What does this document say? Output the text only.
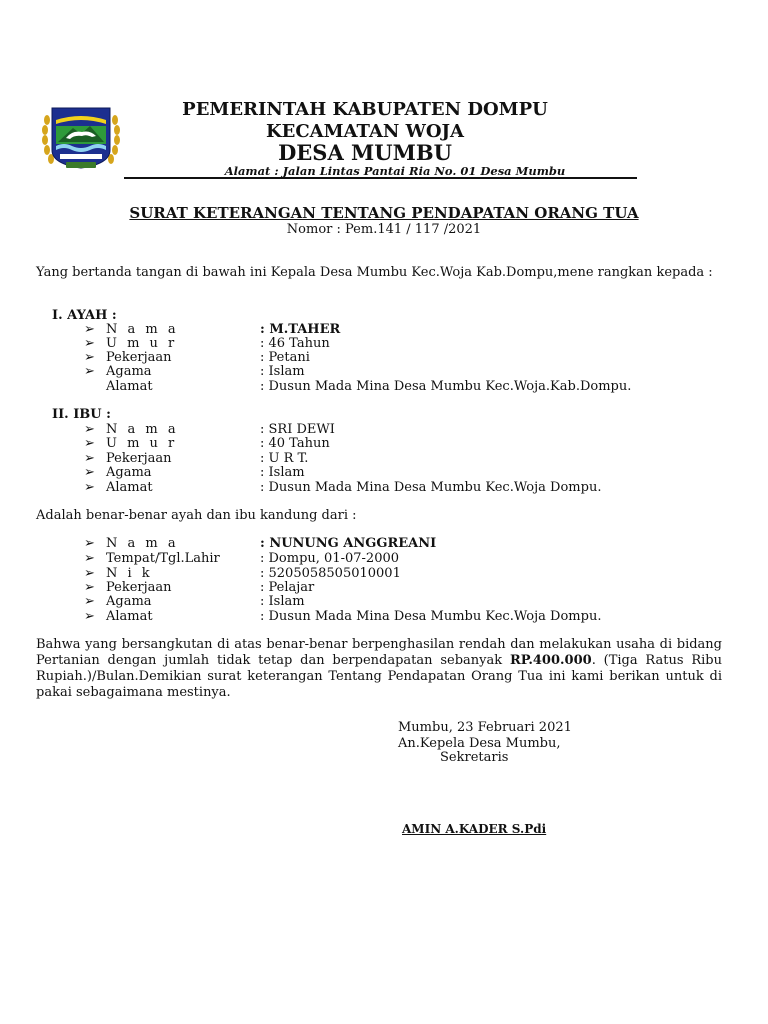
PEMERINTAH KABUPATEN DOMPU
KECAMATAN WOJA
DESA MUMBU
Alamat : Jalan Lintas Pantai Ria No. 01 Desa Mumbu
SURAT KETERANGAN TENTANG PENDAPATAN ORANG TUA
Nomor : Pem.141 / 117 /2021
Yang bertanda tangan di bawah ini Kepala Desa Mumbu Kec.Woja Kab.Dompu,mene rangkan kepada :
I. AYAH :
➢ N a m a	: M.TAHER
➢ U m u r	: 46 Tahun
➢ Pekerjaan	: Petani
➢ Agama	: Islam
Alamat	: Dusun Mada Mina Desa Mumbu Kec.Woja.Kab.Dompu.
II. IBU :
➢ N a m a	: SRI DEWI
➢ U m u r	: 40 Tahun
➢ Pekerjaan	: U R T.
➢ Agama	: Islam
➢ Alamat	: Dusun Mada Mina Desa Mumbu Kec.Woja Dompu.
Adalah benar-benar ayah dan ibu kandung dari :
➢ N a m a	: NUNUNG ANGGREANI
➢ Tempat/Tgl.Lahir	: Dompu, 01-07-2000
➢ N i k	: 5205058505010001
➢ Pekerjaan	: Pelajar
➢ Agama	: Islam
➢ Alamat	: Dusun Mada Mina Desa Mumbu Kec.Woja Dompu.
Bahwa yang bersangkutan di atas benar-benar berpenghasilan rendah dan melakukan usaha di bidang Pertanian dengan jumlah tidak tetap dan berpendapatan sebanyak RP.400.000. (Tiga Ratus Ribu Rupiah.)/Bulan.Demikian surat keterangan Tentang Pendapatan Orang Tua ini kami berikan untuk di pakai sebagaimana mestinya.
Mumbu, 23 Februari 2021
An.Kepela Desa Mumbu,
Sekretaris
AMIN A.KADER S.Pdi
